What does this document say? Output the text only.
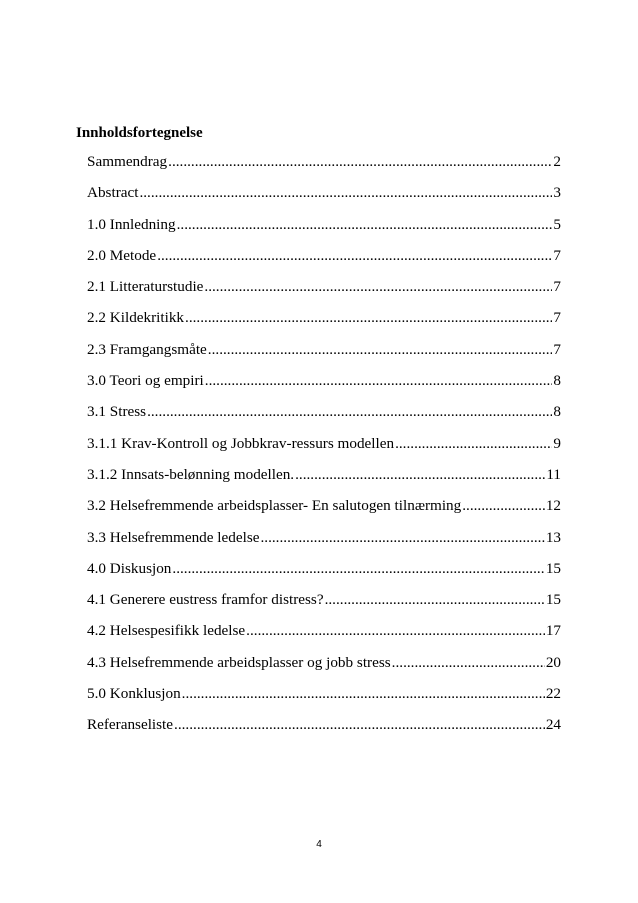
Innholdsfortegnelse
Sammendrag .....	2
Abstract .....	3
1.0 Innledning .....	5
2.0 Metode .....	7
2.1 Litteraturstudie .....	7
2.2 Kildekritikk .....	7
2.3 Framgangsmåte .....	7
3.0 Teori og empiri .....	8
3.1 Stress .....	8
3.1.1 Krav-Kontroll og Jobbkrav-ressurs modellen .....	9
3.1.2 Innsats-belønning modellen. .....	11
3.2 Helsefremmende arbeidsplasser- En salutogen tilnærming .....	12
3.3 Helsefremmende ledelse .....	13
4.0 Diskusjon .....	15
4.1 Generere eustress framfor distress? .....	15
4.2 Helsespesifikk ledelse .....	17
4.3 Helsefremmende arbeidsplasser og jobb stress .....	20
5.0 Konklusjon .....	22
Referanseliste .....	24
4
